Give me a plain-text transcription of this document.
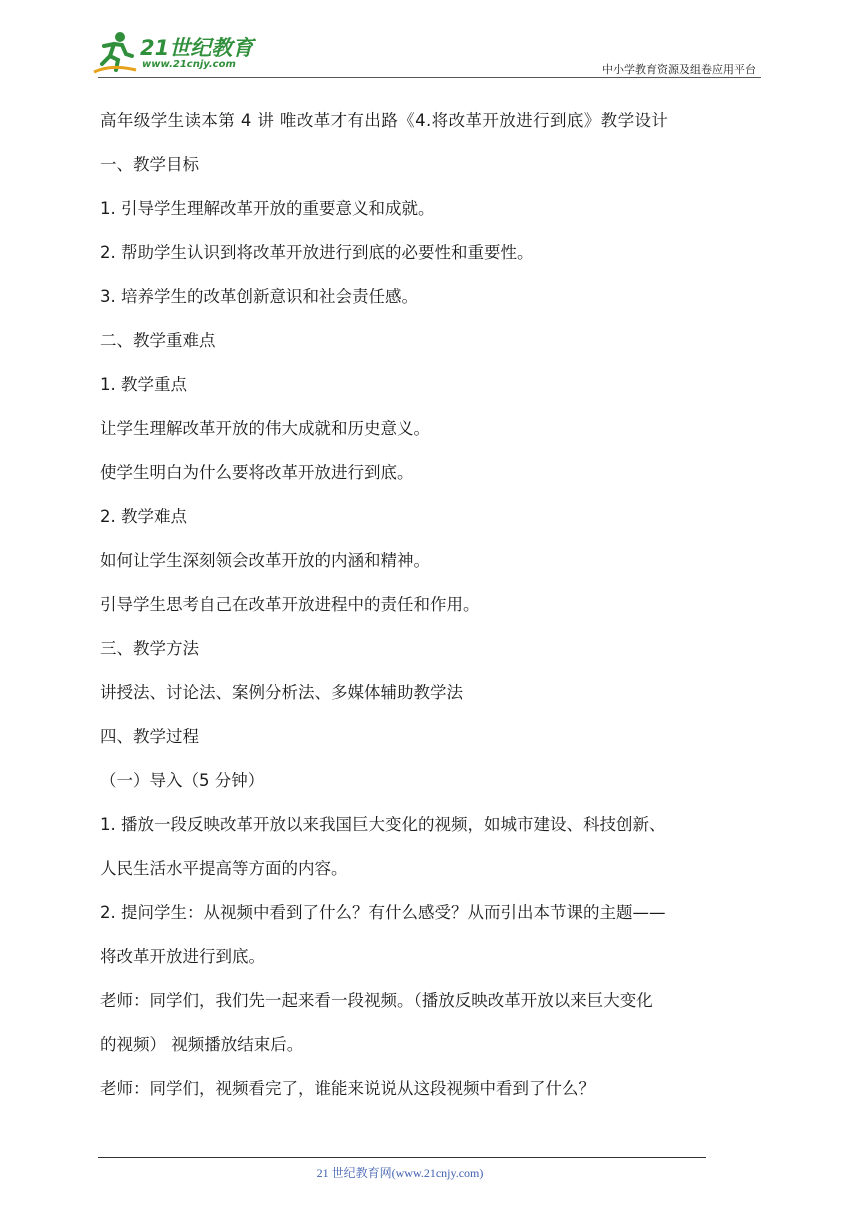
21世纪教育
www.21cnjy.com	中小学教育资源及组卷应用平台
高年级学生读本第 4 讲 唯改革才有出路《4.将改革开放进行到底》教学设计
一、教学目标
1. 引导学生理解改革开放的重要意义和成就。
2. 帮助学生认识到将改革开放进行到底的必要性和重要性。
3. 培养学生的改革创新意识和社会责任感。
二、教学重难点
1. 教学重点
让学生理解改革开放的伟大成就和历史意义。
使学生明白为什么要将改革开放进行到底。
2. 教学难点
如何让学生深刻领会改革开放的内涵和精神。
引导学生思考自己在改革开放进程中的责任和作用。
三、教学方法
讲授法、讨论法、案例分析法、多媒体辅助教学法
四、教学过程
（一）导入（5 分钟）
1. 播放一段反映改革开放以来我国巨大变化的视频，如城市建设、科技创新、
人民生活水平提高等方面的内容。
2. 提问学生：从视频中看到了什么？有什么感受？从而引出本节课的主题——
将改革开放进行到底。
老师：同学们，我们先一起来看一段视频。（播放反映改革开放以来巨大变化
的视频） 视频播放结束后。
老师：同学们，视频看完了，谁能来说说从这段视频中看到了什么？
21 世纪教育网(www.21cnjy.com)
